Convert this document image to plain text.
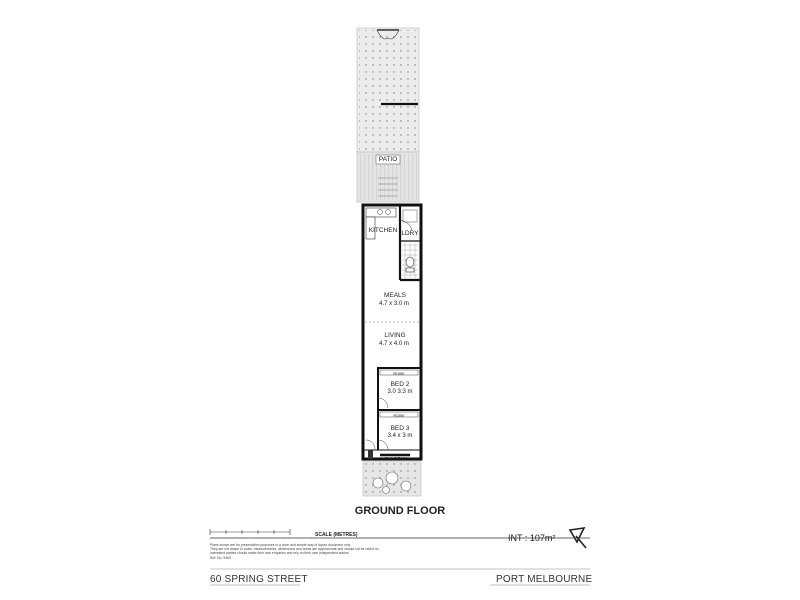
PATIO
KITCHEN LDRY
MEALS
4.7 x 3.0 m
LIVING
4.7 x 4.0 m
ROBE
BED 2
3.0 3.3 m
ROBE
BED 3
3.4 x 3 m
BALCONY
GROUND FLOOR
SCALE (METRES)	INT : 107m²
Plans shown are for presentation purposes in a clear and simple way of layout document only.
They are not drawn to scale, measurements, dimensions and areas are approximate and should not be relied on.
Interested parties should make their own enquiries and rely on their own independent advice.
Ref: No. 5463
60 SPRING STREET	PORT MELBOURNE
